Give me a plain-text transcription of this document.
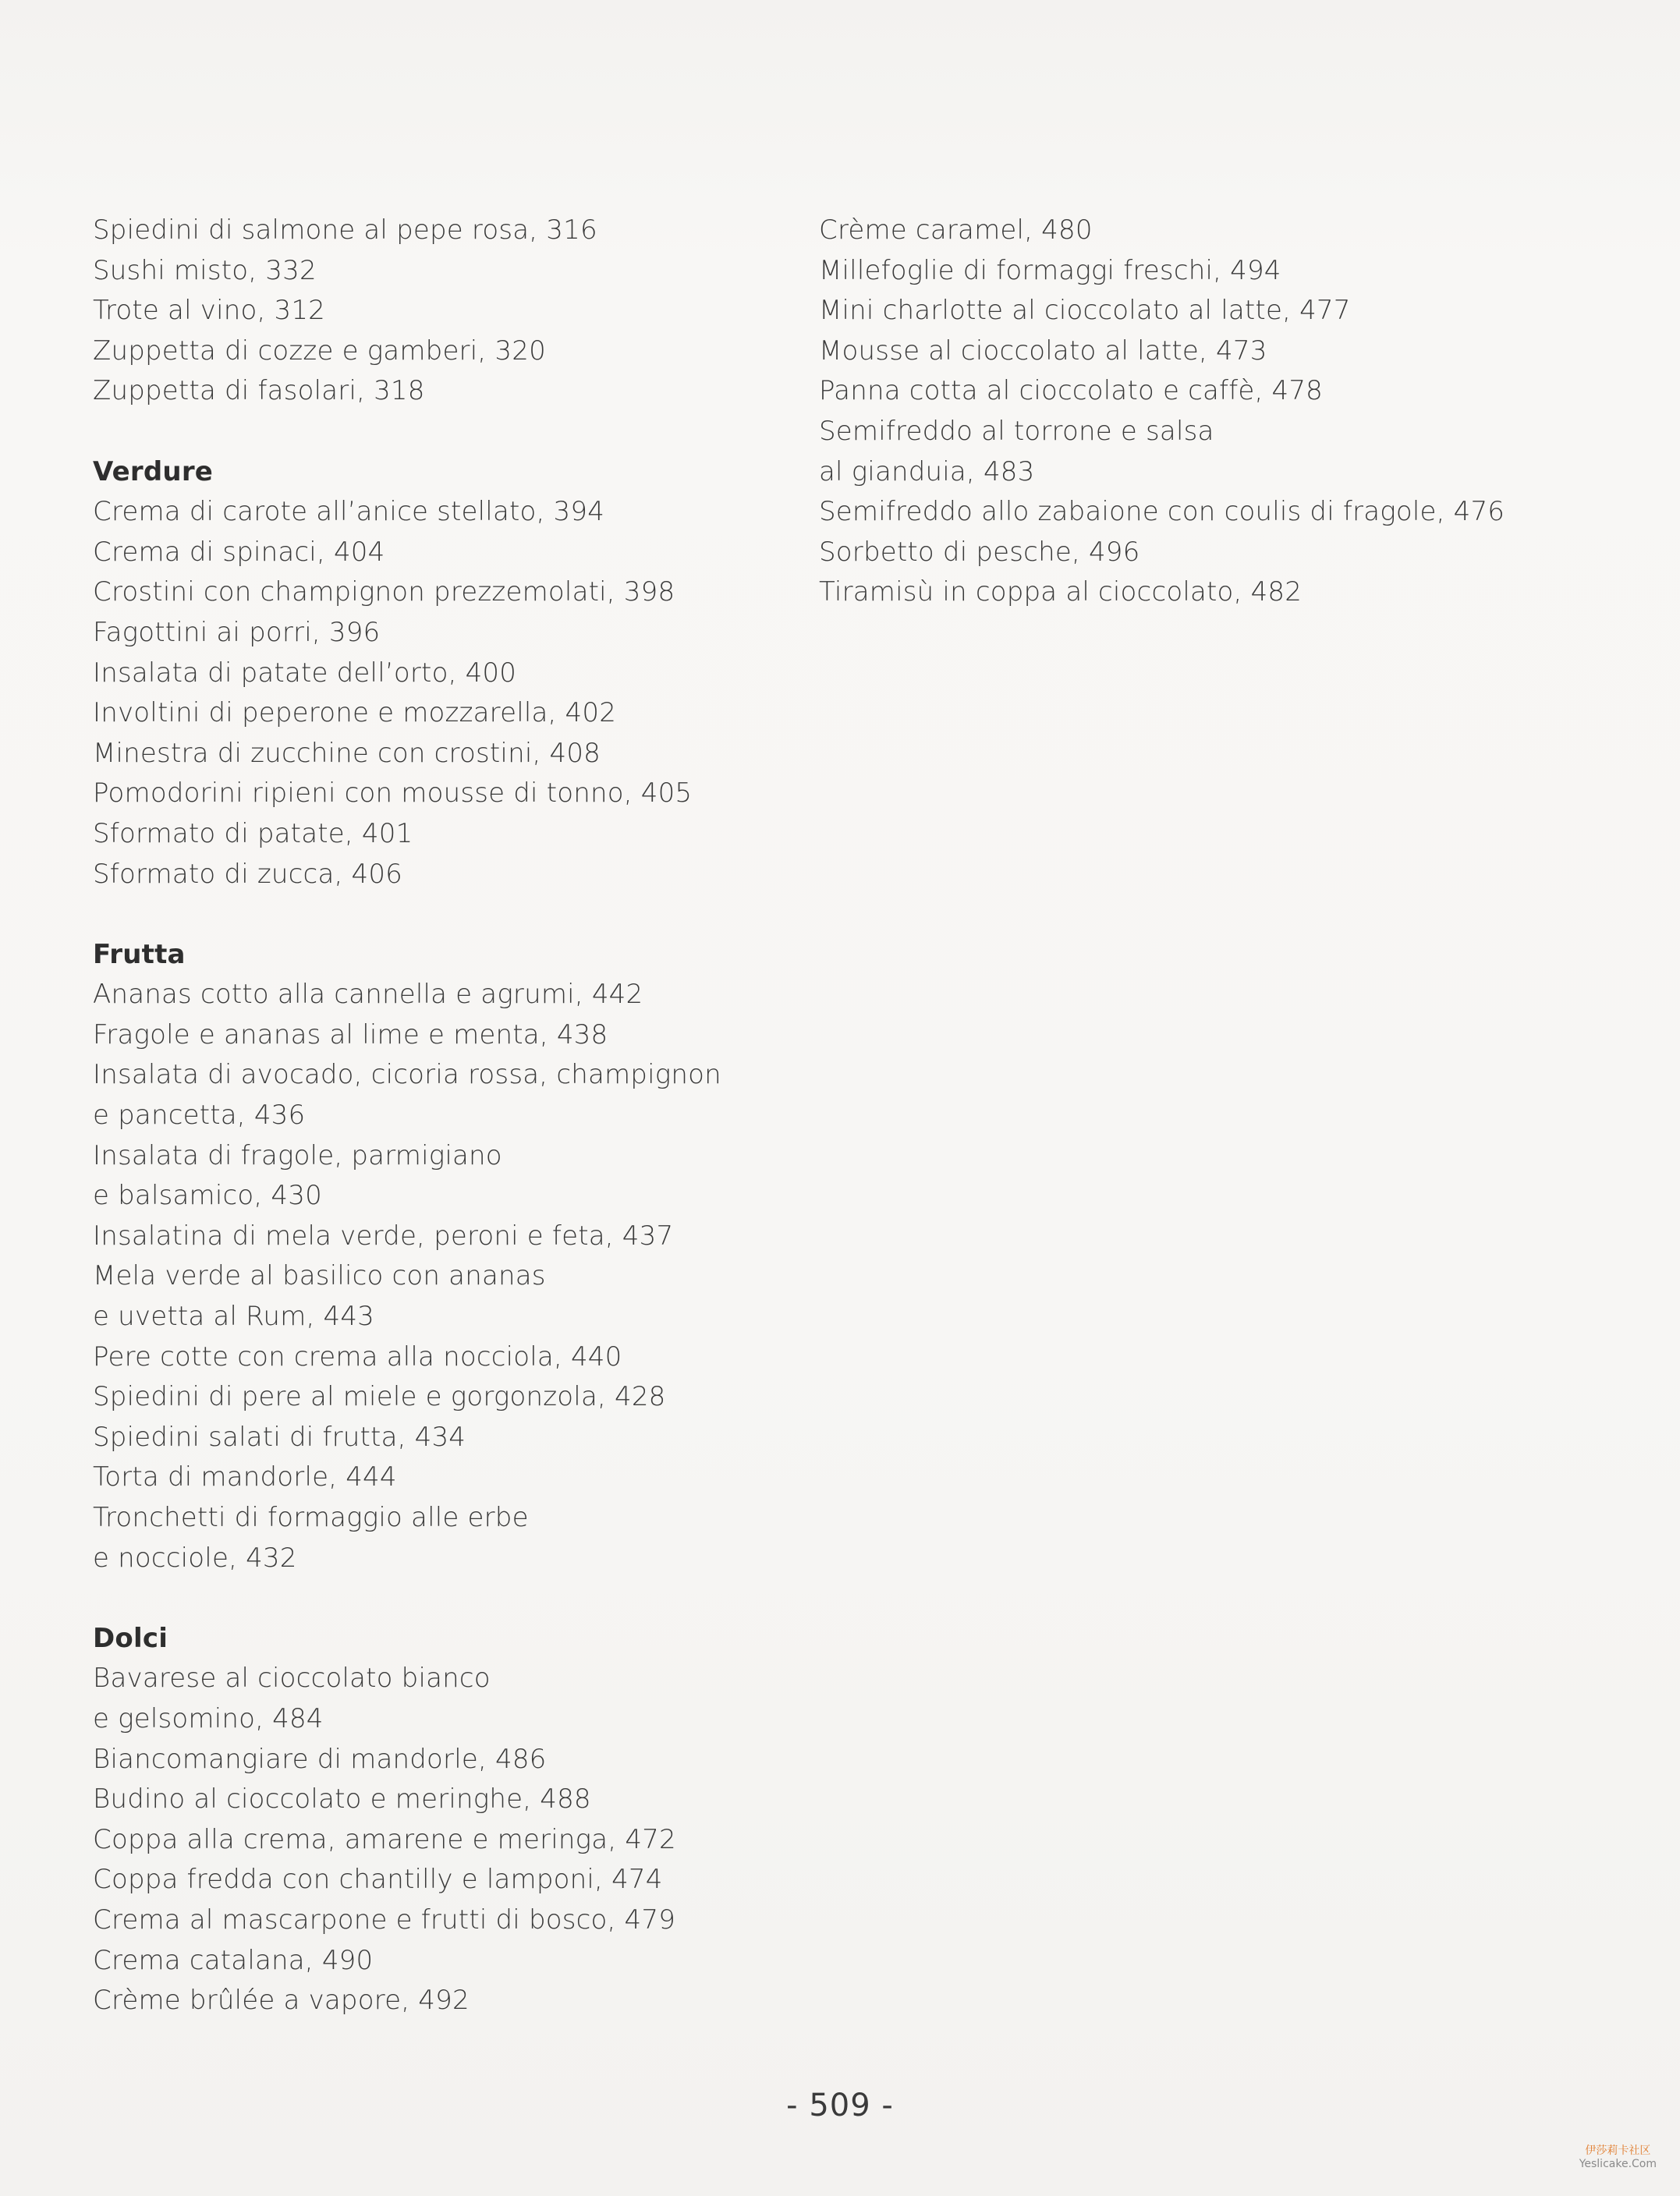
Spiedini di salmone al pepe rosa, 316
Sushi misto, 332
Trote al vino, 312
Zuppetta di cozze e gamberi, 320
Zuppetta di fasolari, 318
Verdure
Crema di carote all’anice stellato, 394
Crema di spinaci, 404
Crostini con champignon prezzemolati, 398
Fagottini ai porri, 396
Insalata di patate dell’orto, 400
Involtini di peperone e mozzarella, 402
Minestra di zucchine con crostini, 408
Pomodorini ripieni con mousse di tonno, 405
Sformato di patate, 401
Sformato di zucca, 406
Frutta
Ananas cotto alla cannella e agrumi, 442
Fragole e ananas al lime e menta, 438
Insalata di avocado, cicoria rossa, champignon
e pancetta, 436
Insalata di fragole, parmigiano
e balsamico, 430
Insalatina di mela verde, peroni e feta, 437
Mela verde al basilico con ananas
e uvetta al Rum, 443
Pere cotte con crema alla nocciola, 440
Spiedini di pere al miele e gorgonzola, 428
Spiedini salati di frutta, 434
Torta di mandorle, 444
Tronchetti di formaggio alle erbe
e nocciole, 432
Dolci
Bavarese al cioccolato bianco
e gelsomino, 484
Biancomangiare di mandorle, 486
Budino al cioccolato e meringhe, 488
Coppa alla crema, amarene e meringa, 472
Coppa fredda con chantilly e lamponi, 474
Crema al mascarpone e frutti di bosco, 479
Crema catalana, 490
Crème brûlée a vapore, 492
Crème caramel, 480
Millefoglie di formaggi freschi, 494
Mini charlotte al cioccolato al latte, 477
Mousse al cioccolato al latte, 473
Panna cotta al cioccolato e caffè, 478
Semifreddo al torrone e salsa
al gianduia, 483
Semifreddo allo zabaione con coulis di fragole, 476
Sorbetto di pesche, 496
Tiramisù in coppa al cioccolato, 482
- 509 -
伊莎莉卡社区
Yeslicake.Com
